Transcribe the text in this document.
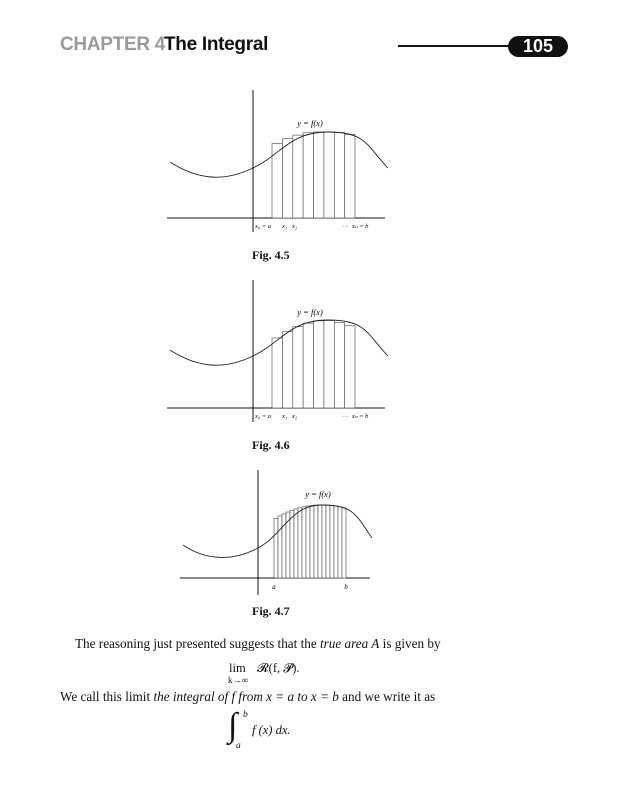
CHAPTER 4 The Integral	105
y = f(x)
x₀ = a x₁ x₂	··· xₙ = b
y = f(x)
x₀ = a x₁ x₂	··· xₙ = b
y = f(x)
a	b
Fig. 4.5
Fig. 4.6
Fig. 4.7
The reasoning just presented suggests that the true area A is given by
lim
k→∞
𝓡(f, 𝓟).
We call this limit the integral of f from x = a to x = b and we write it as
∫ b
a
f (x) dx.
